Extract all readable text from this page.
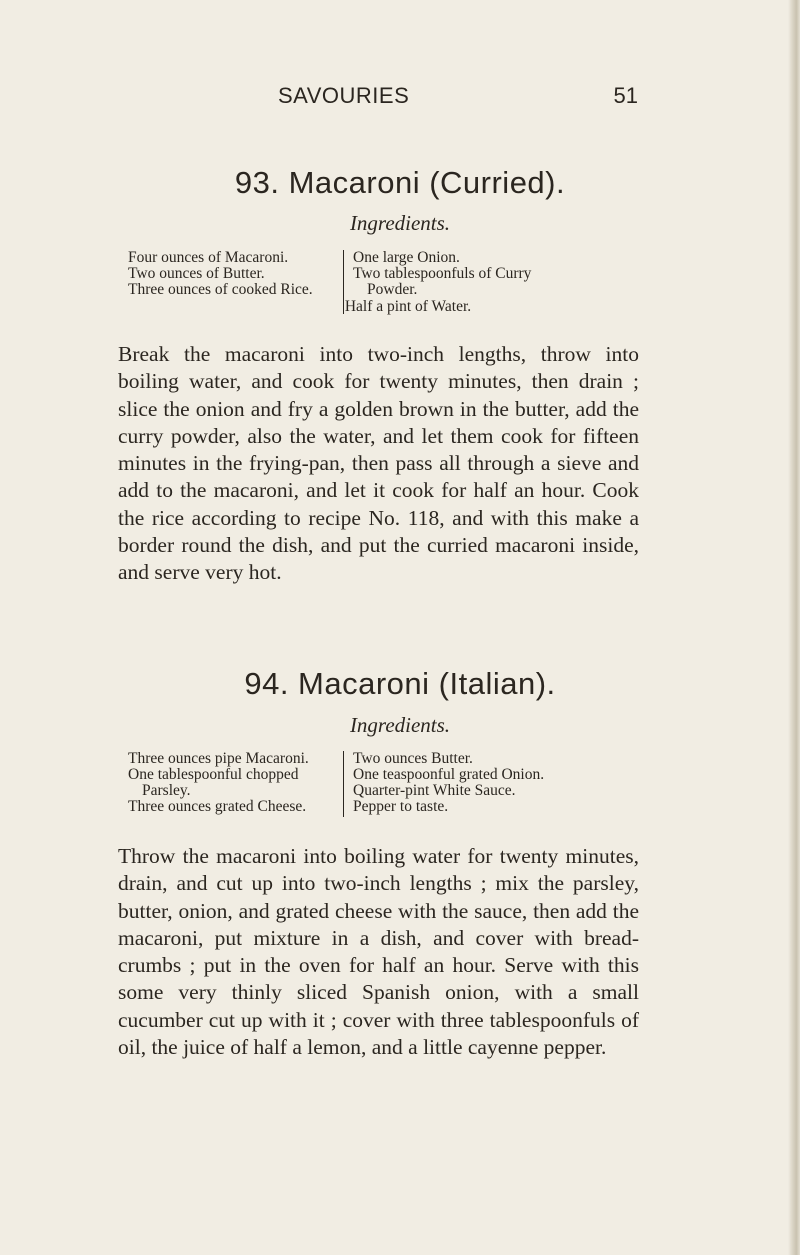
SAVOURIES	51
93. Macaroni (Curried).
Ingredients.
Four ounces of Macaroni.
Two ounces of Butter.
Three ounces of cooked Rice.
One large Onion.
Two tablespoonfuls of Curry
Powder.
Half a pint of Water.

Break the macaroni into two-inch lengths, throw into boiling water, and cook for twenty minutes, then drain ; slice the onion and fry a golden brown in the butter, add the curry powder, also the water, and let them cook for fifteen minutes in the frying-pan, then pass all through a sieve and add to the macaroni, and let it cook for half an hour. Cook the rice according to recipe No. 118, and with this make a border round the dish, and put the curried macaroni inside, and serve very hot.

94. Macaroni (Italian).
Ingredients.
Three ounces pipe Macaroni.
One tablespoonful chopped
Parsley.
Three ounces grated Cheese.
Two ounces Butter.
One teaspoonful grated Onion.
Quarter-pint White Sauce.
Pepper to taste.

Throw the macaroni into boiling water for twenty minutes, drain, and cut up into two-inch lengths ; mix the parsley, butter, onion, and grated cheese with the sauce, then add the macaroni, put mixture in a dish, and cover with bread-crumbs ; put in the oven for half an hour. Serve with this some very thinly sliced Spanish onion, with a small cucumber cut up with it ; cover with three tablespoonfuls of oil, the juice of half a lemon, and a little cayenne pepper.
